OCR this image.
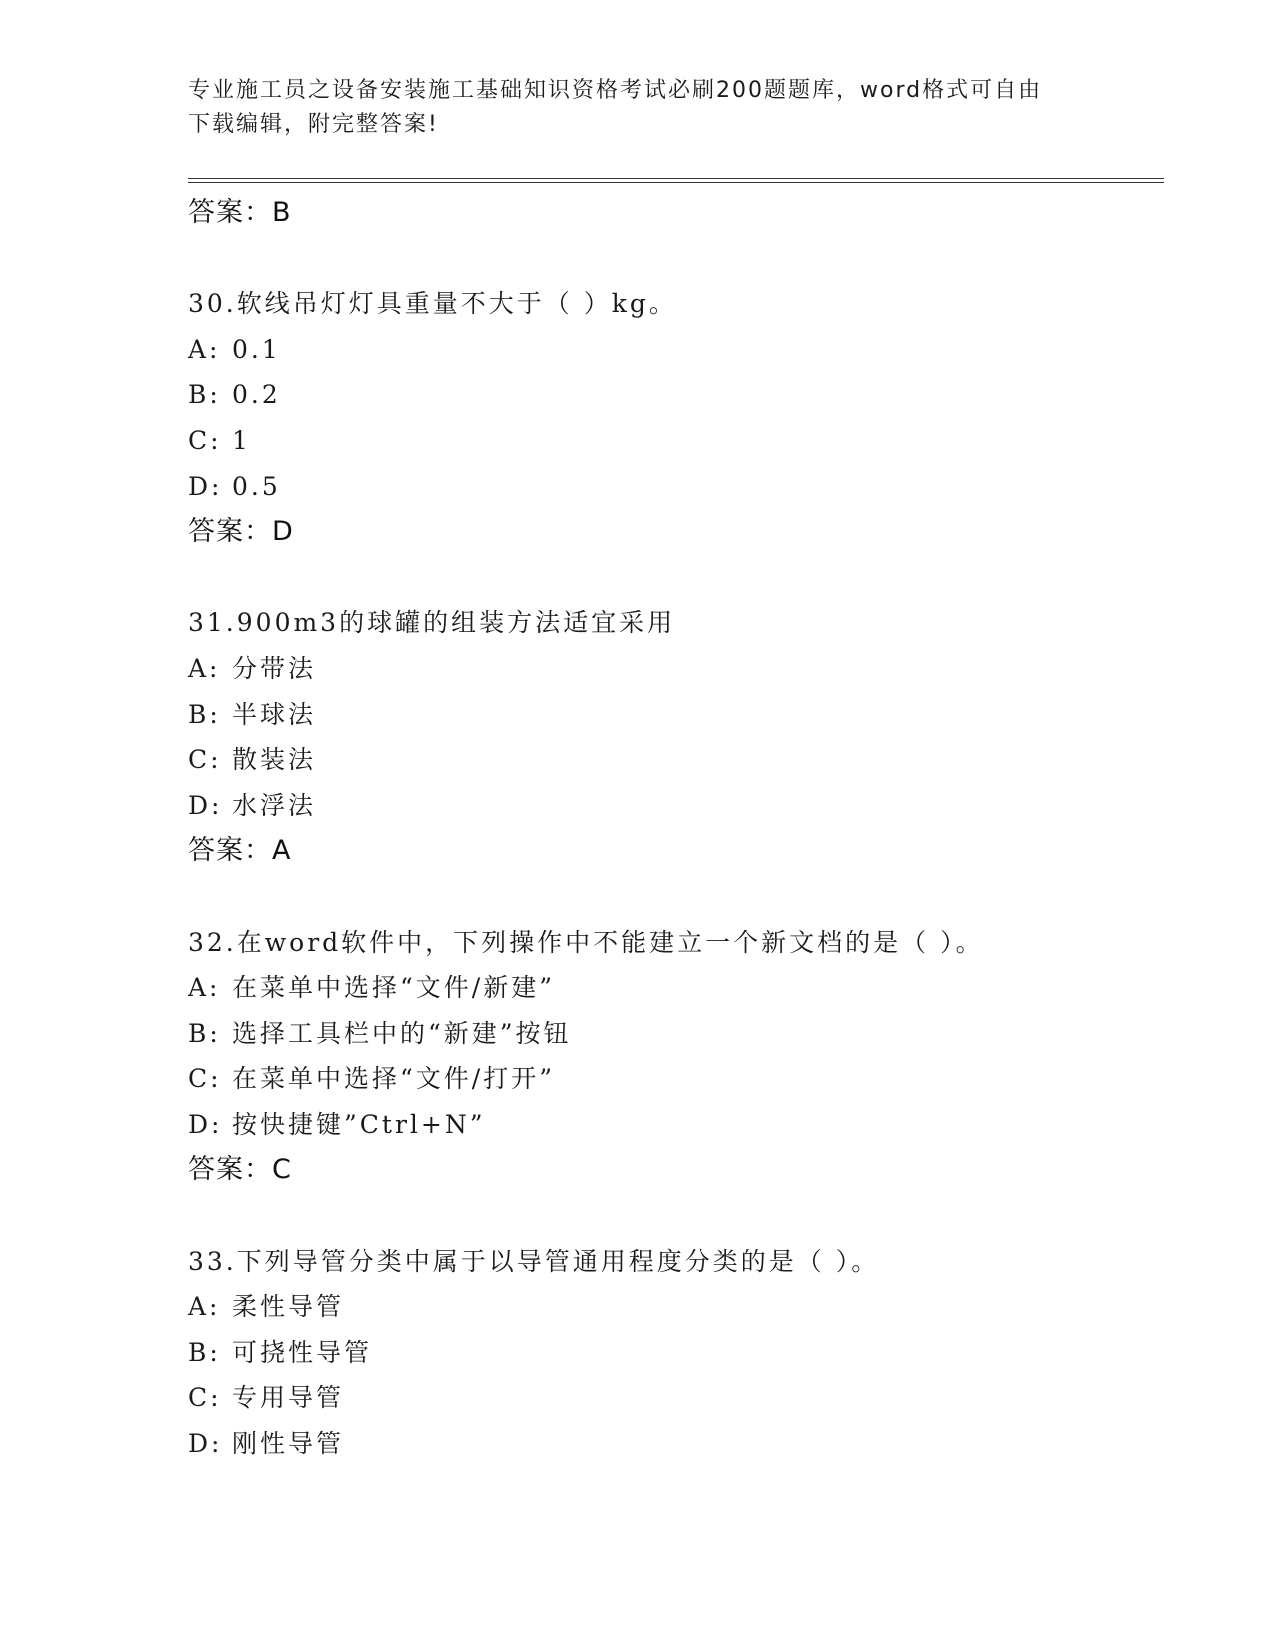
专业施工员之设备安装施工基础知识资格考试必刷200题题库，word格式可自由
下载编辑，附完整答案!
答案：B
30.软线吊灯灯具重量不大于（ ）kg。
A: 0.1
B: 0.2
C: 1
D: 0.5
答案：D
31.900m3的球罐的组装方法适宜采用
A: 分带法
B: 半球法
C: 散装法
D: 水浮法
答案：A
32.在word软件中，下列操作中不能建立一个新文档的是（ ）。
A: 在菜单中选择“文件/新建”
B: 选择工具栏中的“新建”按钮
C: 在菜单中选择“文件/打开”
D: 按快捷键”Ctrl+N”
答案：C
33.下列导管分类中属于以导管通用程度分类的是（ ）。
A: 柔性导管
B: 可挠性导管
C: 专用导管
D: 刚性导管
